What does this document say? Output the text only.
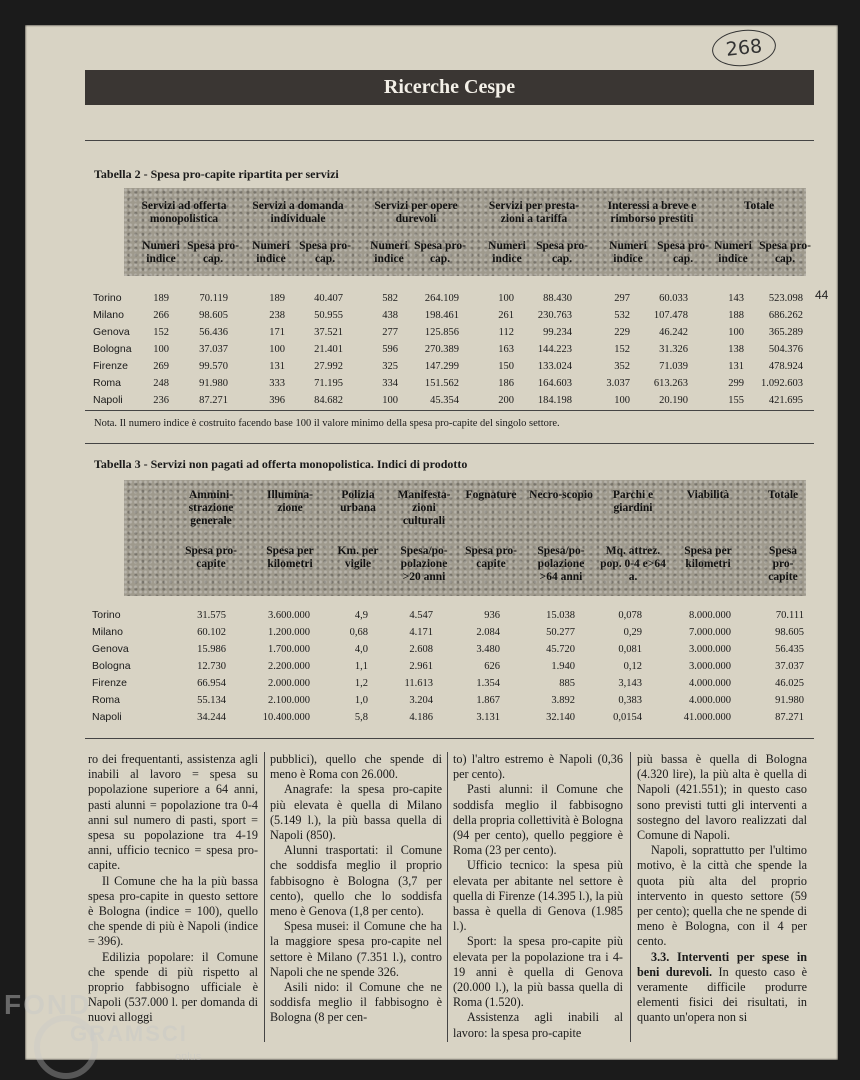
268
44
Ricerche Cespe
Tabella 2 - Spesa pro-capite ripartita per servizi
Servizi ad offerta monopolistica
Numeri indice
Spesa pro-cap.
Servizi a domanda individuale
Numeri indice
Spesa pro-cap.
Servizi per opere durevoli
Numeri indice
Spesa pro-cap.
Servizi per presta-zioni a tariffa
Numeri indice
Spesa pro-cap.
Interessi a breve e rimborso prestiti
Numeri indice
Spesa pro-cap.
Totale
Numeri indice
Spesa pro-cap.
Torino	189	70.119	189	40.407	582	264.109	100	88.430	297	60.033	143	523.098
Milano	266	98.605	238	50.955	438	198.461	261	230.763	532	107.478	188	686.262
Genova	152	56.436	171	37.521	277	125.856	112	99.234	229	46.242	100	365.289
Bologna	100	37.037	100	21.401	596	270.389	163	144.223	152	31.326	138	504.376
Firenze	269	99.570	131	27.992	325	147.299	150	133.024	352	71.039	131	478.924
Roma	248	91.980	333	71.195	334	151.562	186	164.603	3.037	613.263	299	1.092.603
Napoli	236	87.271	396	84.682	100	45.354	200	184.198	100	20.190	155	421.695
Nota. Il numero indice è costruito facendo base 100 il valore minimo della spesa pro-capite del singolo settore.
Tabella 3 - Servizi non pagati ad offerta monopolistica. Indici di prodotto
Ammini-strazione generale
Spesa pro-capite
Illumina-zione
Spesa per kilometri
Polizia urbana
Km. per vigile
Manifesta-zioni culturali
Spesa/po-polazione >20 anni
Fognature
Spesa pro-capite
Necro-scopio
Spesa/po-polazione >64 anni
Parchi e giardini
Mq. attrez. pop. 0-4 e>64 a.
Viabilità
Spesa per kilometri
Totale
Spesa pro-capite
Torino	31.575	3.600.000	4,9	4.547	936	15.038	0,078	8.000.000	70.111
Milano	60.102	1.200.000	0,68	4.171	2.084	50.277	0,29	7.000.000	98.605
Genova	15.986	1.700.000	4,0	2.608	3.480	45.720	0,081	3.000.000	56.435
Bologna	12.730	2.200.000	1,1	2.961	626	1.940	0,12	3.000.000	37.037
Firenze	66.954	2.000.000	1,2	11.613	1.354	885	3,143	4.000.000	46.025
Roma	55.134	2.100.000	1,0	3.204	1.867	3.892	0,383	4.000.000	91.980
Napoli	34.244	10.400.000	5,8	4.186	3.131	32.140	0,0154	41.000.000	87.271

ro dei frequentanti, assistenza agli inabili al lavoro = spesa su popolazione superiore a 64 anni, pasti alunni = popolazione tra 0-4 anni sul numero di pasti, sport = spesa su popolazione tra 4-19 anni, ufficio tecnico = spesa pro-capite.

Il Comune che ha la più bassa spesa pro-capite in questo settore è Bologna (indice = 100), quello che spende di più è Napoli (indice = 396).

Edilizia popolare: il Comune che spende di più rispetto al proprio fabbisogno ufficiale è Napoli (537.000 l. per domanda di nuovi alloggi

pubblici), quello che spende di meno è Roma con 26.000.

Anagrafe: la spesa pro-capite più elevata è quella di Milano (5.149 l.), la più bassa quella di Napoli (850).

Alunni trasportati: il Comune che soddisfa meglio il proprio fabbisogno è Bologna (3,7 per cento), quello che lo soddisfa meno è Genova (1,8 per cento).

Spesa musei: il Comune che ha la maggiore spesa pro-capite nel settore è Milano (7.351 l.), contro Napoli che ne spende 326.

Asili nido: il Comune che ne soddisfa meglio il fabbisogno è Bologna (8 per cen-

to) l'altro estremo è Napoli (0,36 per cento).

Pasti alunni: il Comune che soddisfa meglio il fabbisogno della propria collettività è Bologna (94 per cento), quello peggiore è Roma (23 per cento).

Ufficio tecnico: la spesa più elevata per abitante nel settore è quella di Firenze (14.395 l.), la più bassa è quella di Genova (1.985 l.).

Sport: la spesa pro-capite più elevata per la popolazione tra i 4-19 anni è quella di Genova (20.000 l.), la più bassa quella di Roma (1.520).

Assistenza agli inabili al lavoro: la spesa pro-capite

più bassa è quella di Bologna (4.320 lire), la più alta è quella di Napoli (421.551); in questo caso sono previsti tutti gli interventi a sostegno del lavoro realizzati dal Comune di Napoli.

Napoli, soprattutto per l'ultimo motivo, è la città che spende la quota più alta del proprio intervento in questo settore (59 per cento); quella che ne spende di meno è Bologna, con il 4 per cento.

3.3. Interventi per spese in beni durevoli. In questo caso è veramente difficile produrre elementi fisici dei risultati, in quanto un'opera non si

FOND
GRAMSCI
onlus
